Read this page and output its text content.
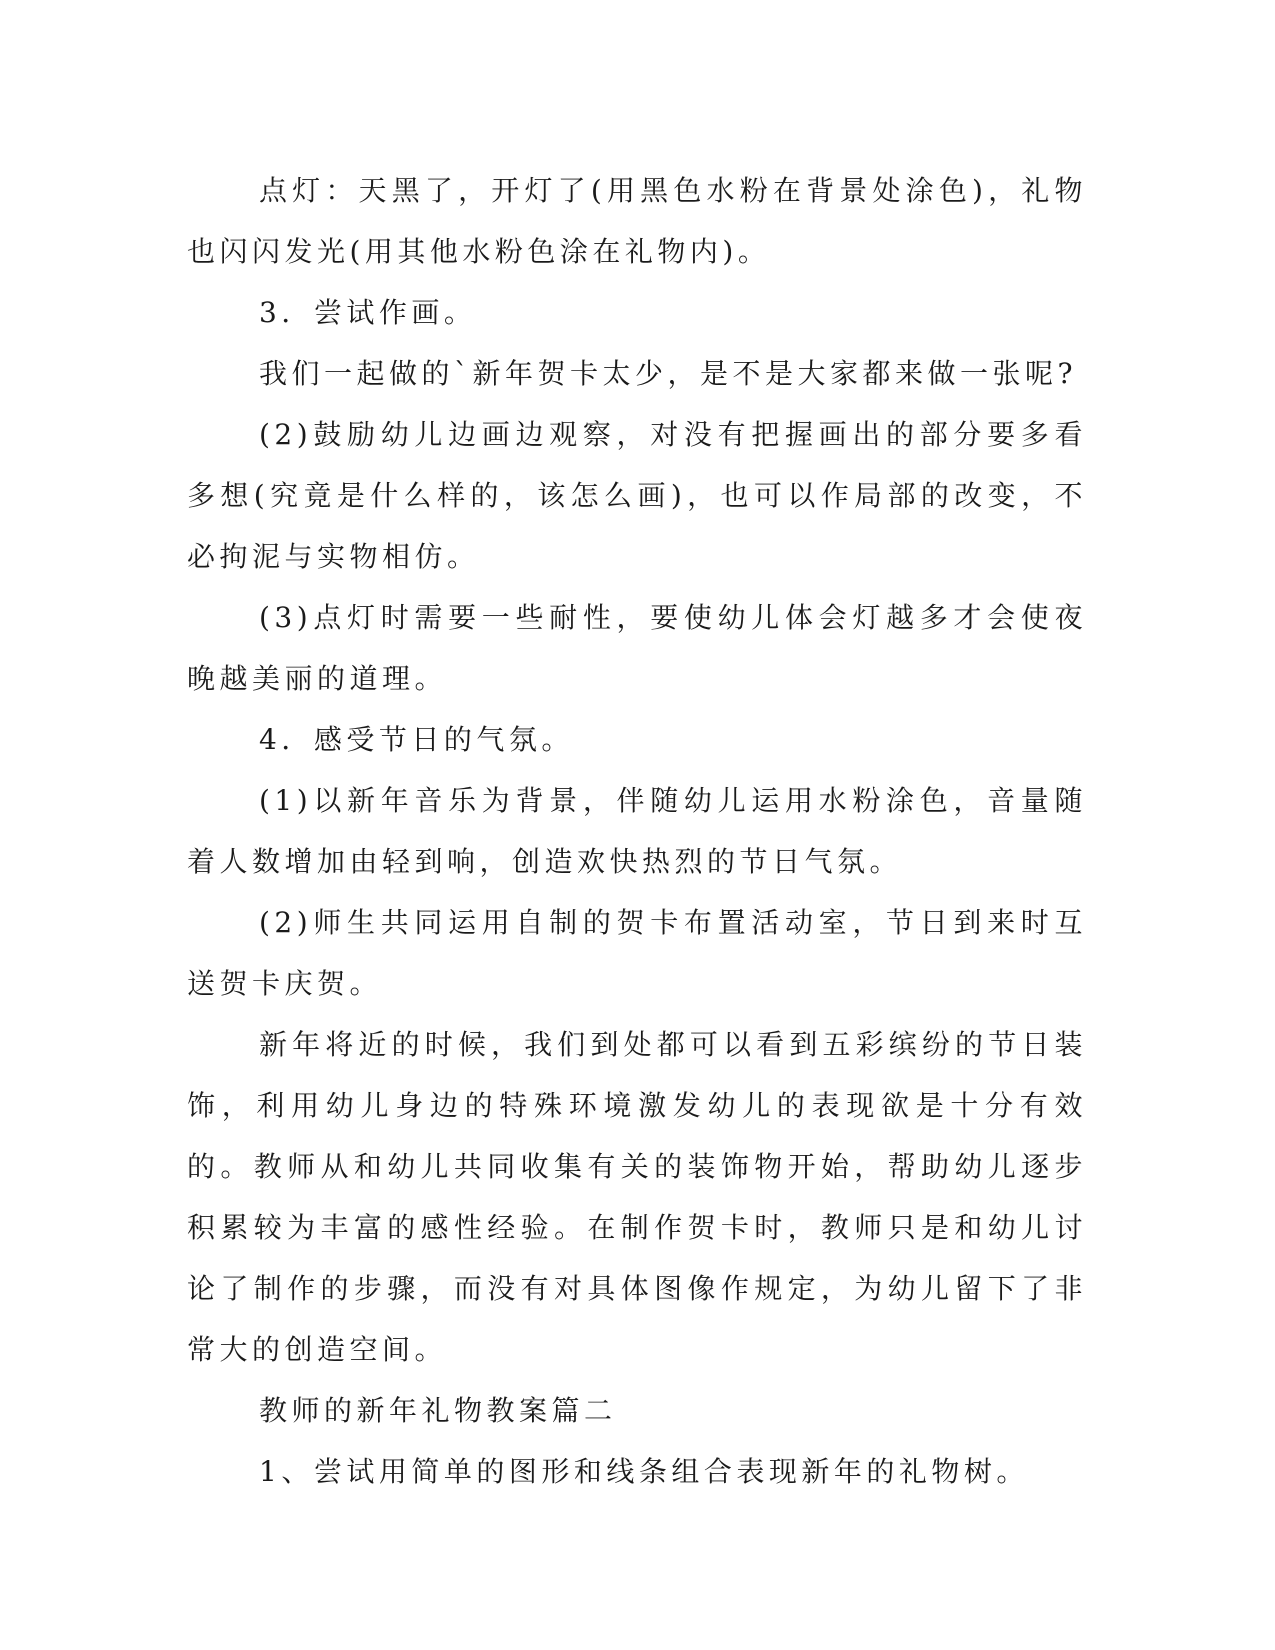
点灯：天黑了，开灯了(用黑色水粉在背景处涂色)，礼物也闪闪发光(用其他水粉色涂在礼物内)。

3．尝试作画。

我们一起做的`新年贺卡太少，是不是大家都来做一张呢?

(2)鼓励幼儿边画边观察，对没有把握画出的部分要多看多想(究竟是什么样的，该怎么画)，也可以作局部的改变，不必拘泥与实物相仿。

(3)点灯时需要一些耐性，要使幼儿体会灯越多才会使夜晚越美丽的道理。

4．感受节日的气氛。

(1)以新年音乐为背景，伴随幼儿运用水粉涂色，音量随着人数增加由轻到响，创造欢快热烈的节日气氛。

(2)师生共同运用自制的贺卡布置活动室，节日到来时互送贺卡庆贺。

新年将近的时候，我们到处都可以看到五彩缤纷的节日装饰，利用幼儿身边的特殊环境激发幼儿的表现欲是十分有效的。教师从和幼儿共同收集有关的装饰物开始，帮助幼儿逐步积累较为丰富的感性经验。在制作贺卡时，教师只是和幼儿讨论了制作的步骤，而没有对具体图像作规定，为幼儿留下了非常大的创造空间。

教师的新年礼物教案篇二

1、尝试用简单的图形和线条组合表现新年的礼物树。
